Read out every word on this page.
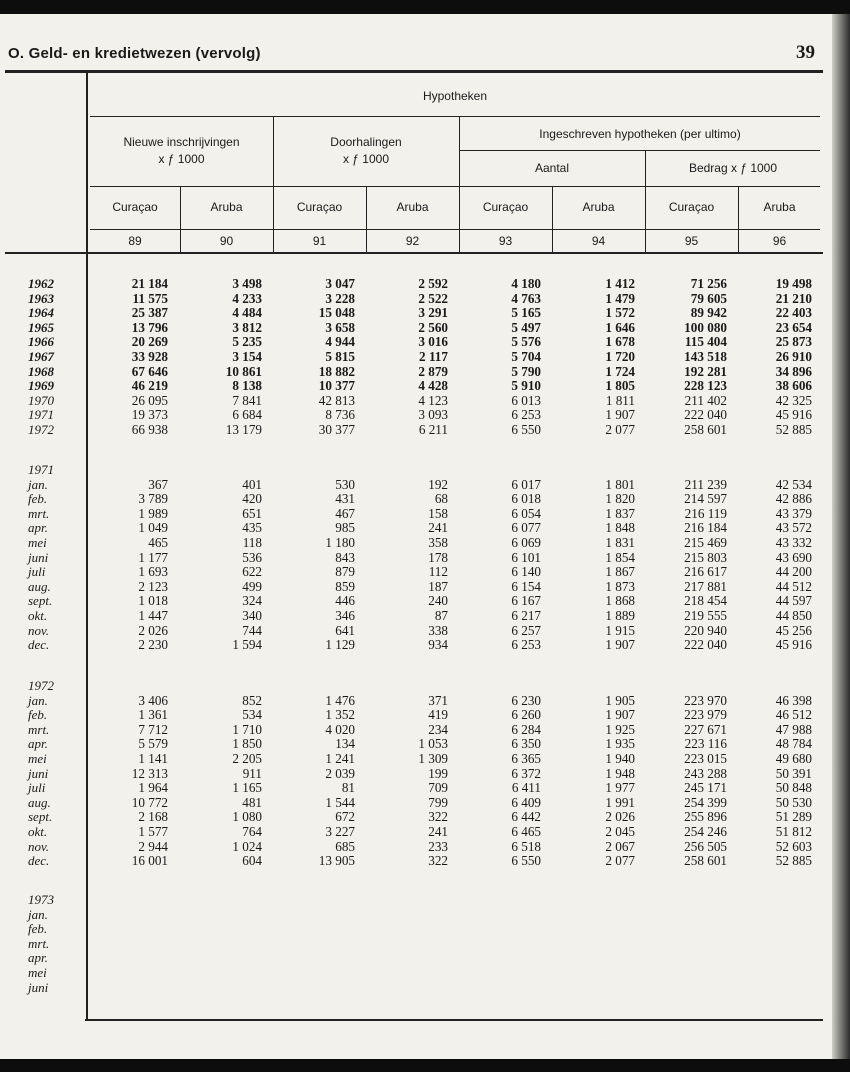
O. Geld- en kredietwezen (vervolg)	39
Hypotheken
Nieuwe inschrijvingen
x ƒ 1000
Doorhalingen
x ƒ 1000
Ingeschreven hypotheken (per ultimo)
Aantal	Bedrag x ƒ 1000
Curaçao
89
Aruba
90
Curaçao
91
Aruba
92
Curaçao
93
Aruba
94
Curaçao
95
Aruba
96
1962
1963
1964
1965
1966
1967
1968
1969
1970
1971
1972
21 184
11 575
25 387
13 796
20 269
33 928
67 646
46 219
26 095
19 373
66 938
3 498
4 233
4 484
3 812
5 235
3 154
10 861
8 138
7 841
6 684
13 179
3 047
3 228
15 048
3 658
4 944
5 815
18 882
10 377
42 813
8 736
30 377
2 592
2 522
3 291
2 560
3 016
2 117
2 879
4 428
4 123
3 093
6 211
4 180
4 763
5 165
5 497
5 576
5 704
5 790
5 910
6 013
6 253
6 550
1 412
1 479
1 572
1 646
1 678
1 720
1 724
1 805
1 811
1 907
2 077
71 256
79 605
89 942
100 080
115 404
143 518
192 281
228 123
211 402
222 040
258 601
19 498
21 210
22 403
23 654
25 873
26 910
34 896
38 606
42 325
45 916
52 885
1971
jan.
feb.
mrt.
apr.
mei
juni
juli
aug.
sept.
okt.
nov.
dec.
367
3 789
1 989
1 049
465
1 177
1 693
2 123
1 018
1 447
2 026
2 230
401
420
651
435
118
536
622
499
324
340
744
1 594
530
431
467
985
1 180
843
879
859
446
346
641
1 129
192
68
158
241
358
178
112
187
240
87
338
934
6 017
6 018
6 054
6 077
6 069
6 101
6 140
6 154
6 167
6 217
6 257
6 253
1 801
1 820
1 837
1 848
1 831
1 854
1 867
1 873
1 868
1 889
1 915
1 907
211 239
214 597
216 119
216 184
215 469
215 803
216 617
217 881
218 454
219 555
220 940
222 040
42 534
42 886
43 379
43 572
43 332
43 690
44 200
44 512
44 597
44 850
45 256
45 916
1972
jan.
feb.
mrt.
apr.
mei
juni
juli
aug.
sept.
okt.
nov.
dec.
3 406
1 361
7 712
5 579
1 141
12 313
1 964
10 772
2 168
1 577
2 944
16 001
852
534
1 710
1 850
2 205
911
1 165
481
1 080
764
1 024
604
1 476
1 352
4 020
134
1 241
2 039
81
1 544
672
3 227
685
13 905
371
419
234
1 053
1 309
199
709
799
322
241
233
322
6 230
6 260
6 284
6 350
6 365
6 372
6 411
6 409
6 442
6 465
6 518
6 550
1 905
1 907
1 925
1 935
1 940
1 948
1 977
1 991
2 026
2 045
2 067
2 077
223 970
223 979
227 671
223 116
223 015
243 288
245 171
254 399
255 896
254 246
256 505
258 601
46 398
46 512
47 988
48 784
49 680
50 391
50 848
50 530
51 289
51 812
52 603
52 885
1973
jan.
feb.
mrt.
apr.
mei
juni
